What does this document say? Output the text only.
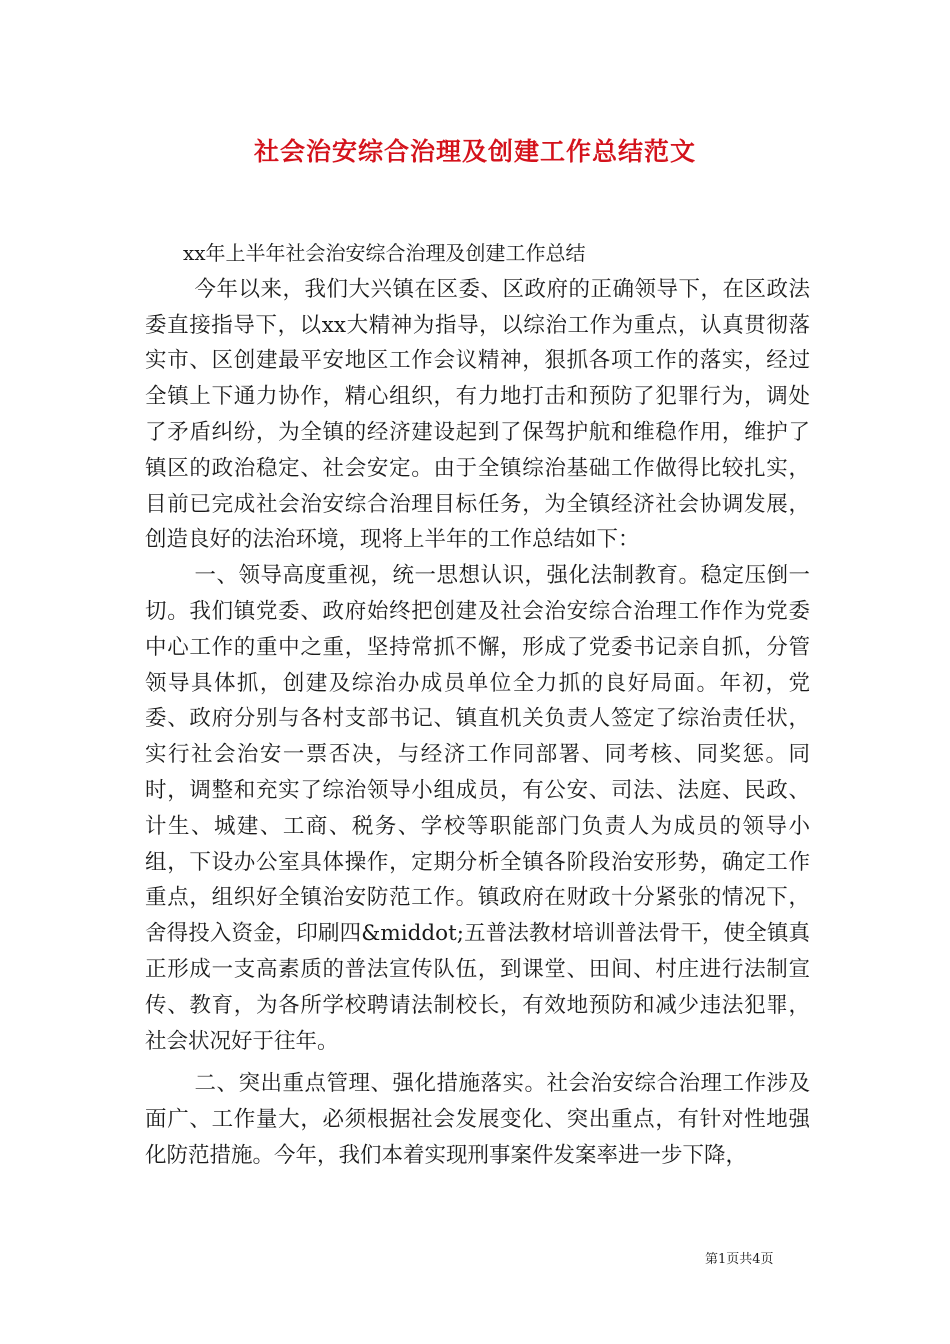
社会治安综合治理及创建工作总结范文

xx年上半年社会治安综合治理及创建工作总结

今年以来，我们大兴镇在区委、区政府的正确领导下，在区政法委直接指导下，以xx大精神为指导，以综治工作为重点，认真贯彻落实市、区创建最平安地区工作会议精神，狠抓各项工作的落实，经过全镇上下通力协作，精心组织，有力地打击和预防了犯罪行为，调处了矛盾纠纷，为全镇的经济建设起到了保驾护航和维稳作用，维护了镇区的政治稳定、社会安定。由于全镇综治基础工作做得比较扎实，目前已完成社会治安综合治理目标任务，为全镇经济社会协调发展，创造良好的法治环境，现将上半年的工作总结如下：

一、领导高度重视，统一思想认识，强化法制教育。稳定压倒一切。我们镇党委、政府始终把创建及社会治安综合治理工作作为党委中心工作的重中之重，坚持常抓不懈，形成了党委书记亲自抓，分管领导具体抓，创建及综治办成员单位全力抓的良好局面。年初，党委、政府分别与各村支部书记、镇直机关负责人签定了综治责任状，实行社会治安一票否决，与经济工作同部署、同考核、同奖惩。同时，调整和充实了综治领导小组成员，有公安、司法、法庭、民政、计生、城建、工商、税务、学校等职能部门负责人为成员的领导小组，下设办公室具体操作，定期分析全镇各阶段治安形势，确定工作重点，组织好全镇治安防范工作。镇政府在财政十分紧张的情况下，舍得投入资金，印刷四&middot;五普法教材培训普法骨干，使全镇真正形成一支高素质的普法宣传队伍，到课堂、田间、村庄进行法制宣传、教育，为各所学校聘请法制校长，有效地预防和减少违法犯罪，社会状况好于往年。

二、突出重点管理、强化措施落实。社会治安综合治理工作涉及面广、工作量大，必须根据社会发展变化、突出重点，有针对性地强化防范措施。今年，我们本着实现刑事案件发案率进一步下降，

第1页共4页
